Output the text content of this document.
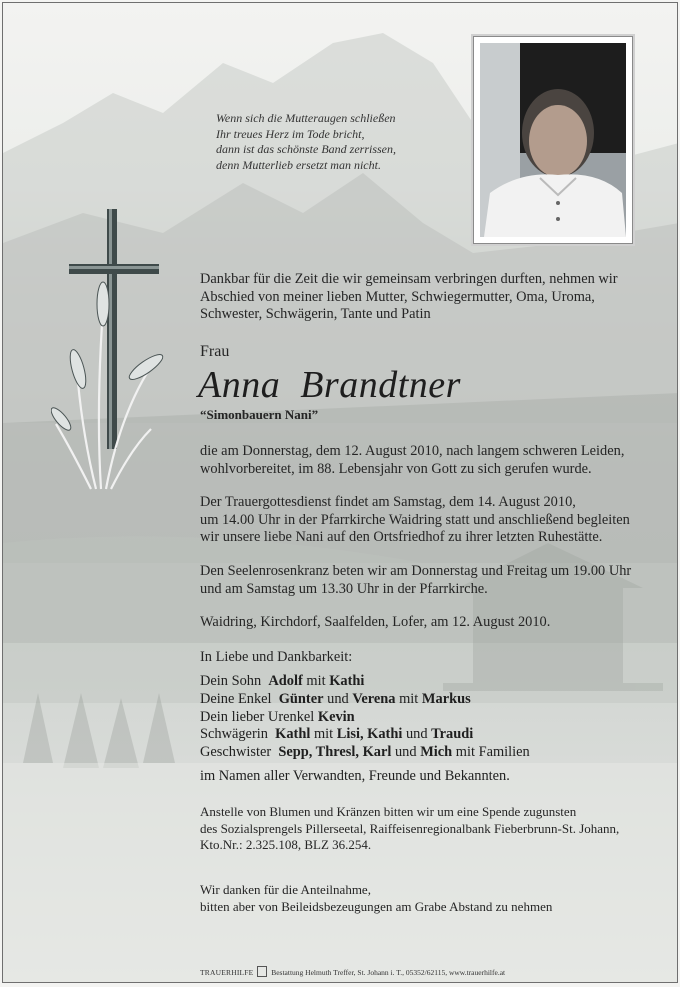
Wenn sich die Mutteraugen schließen
Ihr treues Herz im Tode bricht,
dann ist das schönste Band zerrissen,
denn Mutterlieb ersetzt man nicht.
Dankbar für die Zeit die wir gemeinsam verbringen durften, nehmen wir
Abschied von meiner lieben Mutter, Schwiegermutter, Oma, Uroma,
Schwester, Schwägerin, Tante und Patin
Frau
Anna  Brandtner
“Simonbauern Nani”
die am Donnerstag, dem 12. August 2010, nach langem schweren Leiden,
wohlvorbereitet, im 88. Lebensjahr von Gott zu sich gerufen wurde.
Der Trauergottesdienst findet am Samstag, dem 14. August 2010,
um 14.00 Uhr in der Pfarrkirche Waidring statt und anschließend begleiten
wir unsere liebe Nani auf den Ortsfriedhof zu ihrer letzten Ruhestätte.
Den Seelenrosenkranz beten wir am Donnerstag und Freitag um 19.00 Uhr
und am Samstag um 13.30 Uhr in der Pfarrkirche.
Waidring, Kirchdorf, Saalfelden, Lofer, am 12. August 2010.
In Liebe und Dankbarkeit:
Dein Sohn Adolf mit Kathi
Deine Enkel Günter und Verena mit Markus
Dein lieber Urenkel Kevin
Schwägerin Kathl mit Lisi, Kathi und Traudi
Geschwister Sepp, Thresl, Karl und Mich mit Familien
im Namen aller Verwandten, Freunde und Bekannten.
Anstelle von Blumen und Kränzen bitten wir um eine Spende zugunsten
des Sozialsprengels Pillerseetal, Raiffeisenregionalbank Fieberbrunn-St. Johann,
Kto.Nr.: 2.325.108, BLZ 36.254.
Wir danken für die Anteilnahme,
bitten aber von Beileidsbezeugungen am Grabe Abstand zu nehmen
TRAUERHILFE Bestattung Helmuth Treffer, St. Johann i. T., 05352/62115, www.trauerhilfe.at
